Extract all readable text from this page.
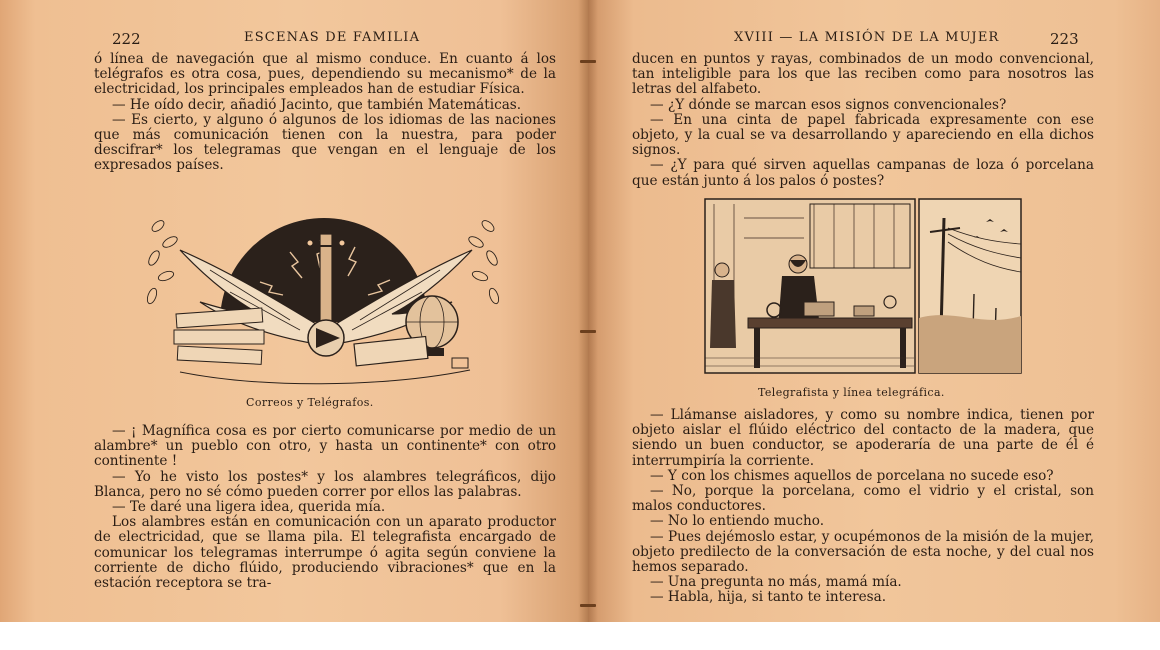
222	ESCENAS DE FAMILIA

ó línea de navegación que al mismo conduce. En cuanto á los telégrafos es otra cosa, pues, dependiendo su mecanismo* de la electricidad, los principales empleados han de estudiar Física.

— He oído decir, añadió Jacinto, que también Matemáticas.

— Es cierto, y alguno ó algunos de los idiomas de las naciones que más comunicación tienen con la nuestra, para poder descifrar* los telegramas que vengan en el lenguaje de los expresados países.

Correos y Telégrafos.

— ¡ Magnífica cosa es por cierto comunicarse por medio de un alambre* un pueblo con otro, y hasta un continente* con otro continente !

— Yo he visto los postes* y los alambres telegráficos, dijo Blanca, pero no sé cómo pueden correr por ellos las palabras.

— Te daré una ligera idea, querida mía.

Los alambres están en comunicación con un aparato productor de electricidad, que se llama pila. El telegrafista encargado de comunicar los telegramas interrumpe ó agita según conviene la corriente de dicho flúido, produciendo vibraciones* que en la estación receptora se tra-

XVIII — LA MISIÓN DE LA MUJER	223

ducen en puntos y rayas, combinados de un modo convencional, tan inteligible para los que las reciben como para nosotros las letras del alfabeto.

— ¿Y dónde se marcan esos signos convencionales?

— En una cinta de papel fabricada expresamente con ese objeto, y la cual se va desarrollando y apareciendo en ella dichos signos.

— ¿Y para qué sirven aquellas campanas de loza ó porcelana que están junto á los palos ó postes?

Telegrafista y línea telegráfica.

— Llámanse aisladores, y como su nombre indica, tienen por objeto aislar el flúido eléctrico del contacto de la madera, que siendo un buen conductor, se apoderaría de una parte de él é interrumpiría la corriente.

— Y con los chismes aquellos de porcelana no sucede eso?

— No, porque la porcelana, como el vidrio y el cristal, son malos conductores.

— No lo entiendo mucho.

— Pues dejémoslo estar, y ocupémonos de la misión de la mujer, objeto predilecto de la conversación de esta noche, y del cual nos hemos separado.

— Una pregunta no más, mamá mía.

— Habla, hija, si tanto te interesa.
